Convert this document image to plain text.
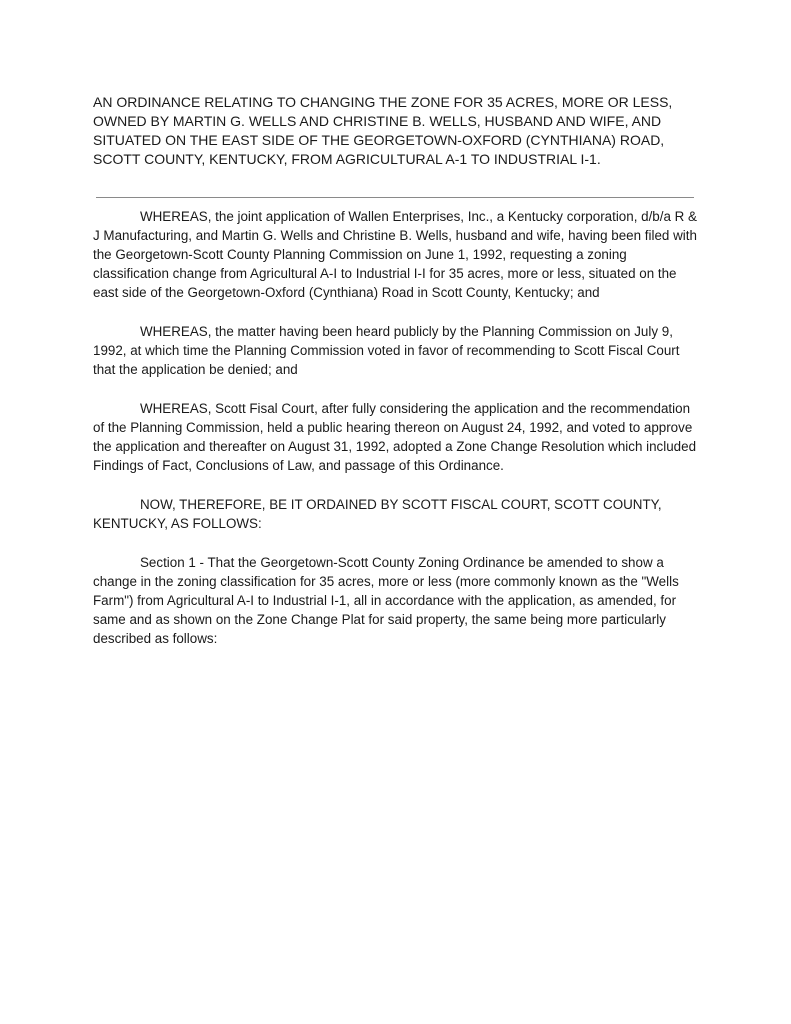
AN ORDINANCE RELATING TO CHANGING THE ZONE FOR 35 ACRES, MORE OR LESS, OWNED BY MARTIN G. WELLS AND CHRISTINE B. WELLS, HUSBAND AND WIFE, AND SITUATED ON THE EAST SIDE OF THE GEORGETOWN-OXFORD (CYNTHIANA) ROAD, SCOTT COUNTY, KENTUCKY, FROM AGRICULTURAL A-1 TO INDUSTRIAL I-1.

WHEREAS, the joint application of Wallen Enterprises, Inc., a Kentucky corporation, d/b/a R & J Manufacturing, and Martin G. Wells and Christine B. Wells, husband and wife, having been filed with the Georgetown-Scott County Planning Commission on June 1, 1992, requesting a zoning classification change from Agricultural A-I to Industrial I-I for 35 acres, more or less, situated on the east side of the Georgetown-Oxford (Cynthiana) Road in Scott County, Kentucky; and

WHEREAS, the matter having been heard publicly by the Planning Commission on July 9, 1992, at which time the Planning Commission voted in favor of recommending to Scott Fiscal Court that the application be denied; and

WHEREAS, Scott Fisal Court, after fully considering the application and the recommendation of the Planning Commission, held a public hearing thereon on August 24, 1992, and voted to approve the application and thereafter on August 31, 1992, adopted a Zone Change Resolution which included Findings of Fact, Conclusions of Law, and passage of this Ordinance.

NOW, THEREFORE, BE IT ORDAINED BY SCOTT FISCAL COURT, SCOTT COUNTY, KENTUCKY, AS FOLLOWS:

Section 1 - That the Georgetown-Scott County Zoning Ordinance be amended to show a change in the zoning classification for 35 acres, more or less (more commonly known as the "Wells Farm") from Agricultural A-I to Industrial I-1, all in accordance with the application, as amended, for same and as shown on the Zone Change Plat for said property, the same being more particularly described as follows:
